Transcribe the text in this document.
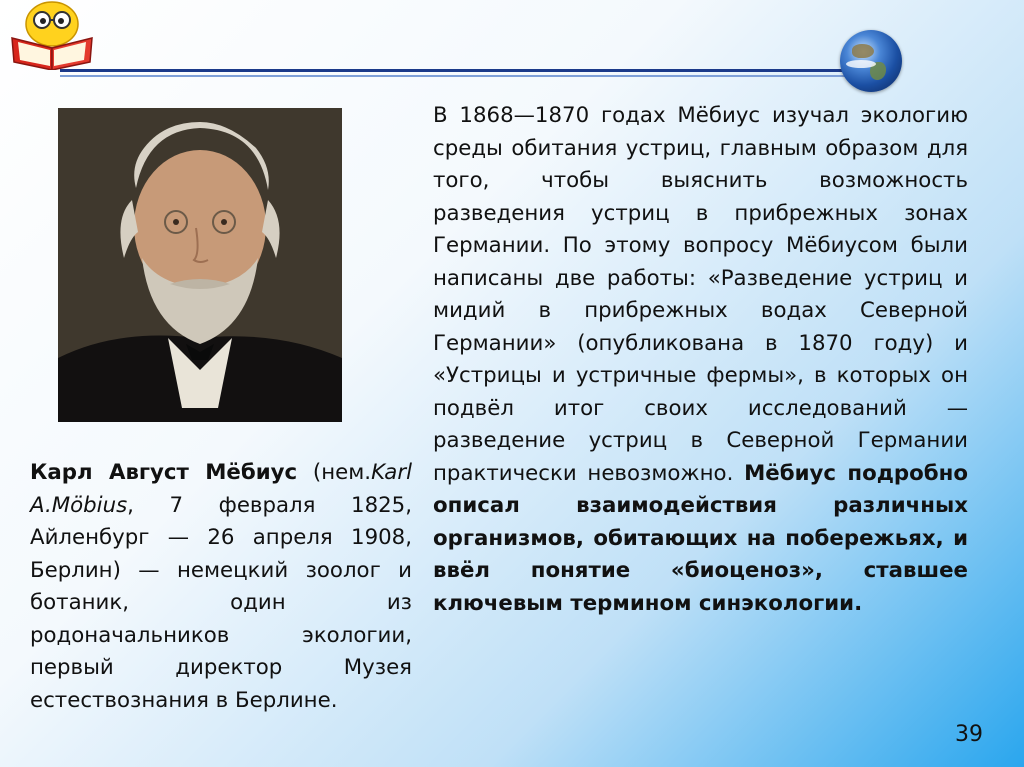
В 1868—1870 годах Мёбиус изучал экологию среды обитания устриц, главным образом для того, чтобы выяснить возможность разведения устриц в прибрежных зонах Германии. По этому вопросу Мёбиусом были написаны две работы: «Разведение устриц и мидий в прибрежных водах Северной Германии» (опубликована в 1870 году) и «Устрицы и устричные фермы», в которых он подвёл итог своих исследований — разведение устриц в Северной Германии практически невозможно. Мёбиус подробно описал взаимодействия различных организмов, обитающих на побережьях, и ввёл понятие «биоценоз», ставшее ключевым термином синэкологии.
Карл Август Мёбиус (нем.Karl A.Möbius, 7 февраля 1825, Айленбург — 26 апреля 1908, Берлин) — немецкий зоолог и ботаник, один из родоначальников экологии, первый директор Музея естествознания в Берлине.
39
